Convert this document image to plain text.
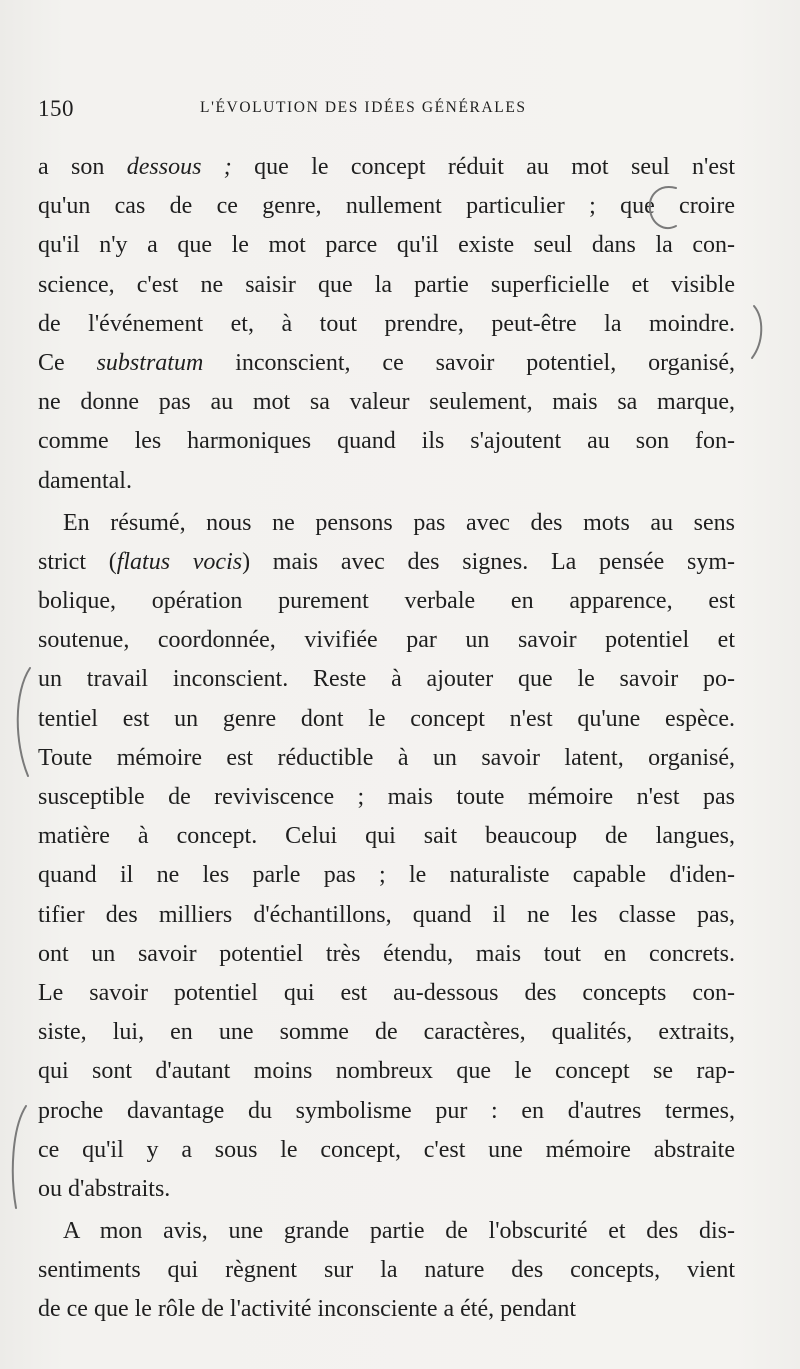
150	L'ÉVOLUTION DES IDÉES GÉNÉRALES
a son dessous ; que le concept réduit au mot seul n'est
qu'un cas de ce genre, nullement particulier ; que croire
qu'il n'y a que le mot parce qu'il existe seul dans la con-
science, c'est ne saisir que la partie superficielle et visible
de l'événement et, à tout prendre, peut-être la moindre.
Ce substratum inconscient, ce savoir potentiel, organisé,
ne donne pas au mot sa valeur seulement, mais sa marque,
comme les harmoniques quand ils s'ajoutent au son fon-
damental.
En résumé, nous ne pensons pas avec des mots au sens
strict (flatus vocis) mais avec des signes. La pensée sym-
bolique, opération purement verbale en apparence, est
soutenue, coordonnée, vivifiée par un savoir potentiel et
un travail inconscient. Reste à ajouter que le savoir po-
tentiel est un genre dont le concept n'est qu'une espèce.
Toute mémoire est réductible à un savoir latent, organisé,
susceptible de reviviscence ; mais toute mémoire n'est pas
matière à concept. Celui qui sait beaucoup de langues,
quand il ne les parle pas ; le naturaliste capable d'iden-
tifier des milliers d'échantillons, quand il ne les classe pas,
ont un savoir potentiel très étendu, mais tout en concrets.
Le savoir potentiel qui est au-dessous des concepts con-
siste, lui, en une somme de caractères, qualités, extraits,
qui sont d'autant moins nombreux que le concept se rap-
proche davantage du symbolisme pur : en d'autres termes,
ce qu'il y a sous le concept, c'est une mémoire abstraite
ou d'abstraits.
A mon avis, une grande partie de l'obscurité et des dis-
sentiments qui règnent sur la nature des concepts, vient
de ce que le rôle de l'activité inconsciente a été, pendant
